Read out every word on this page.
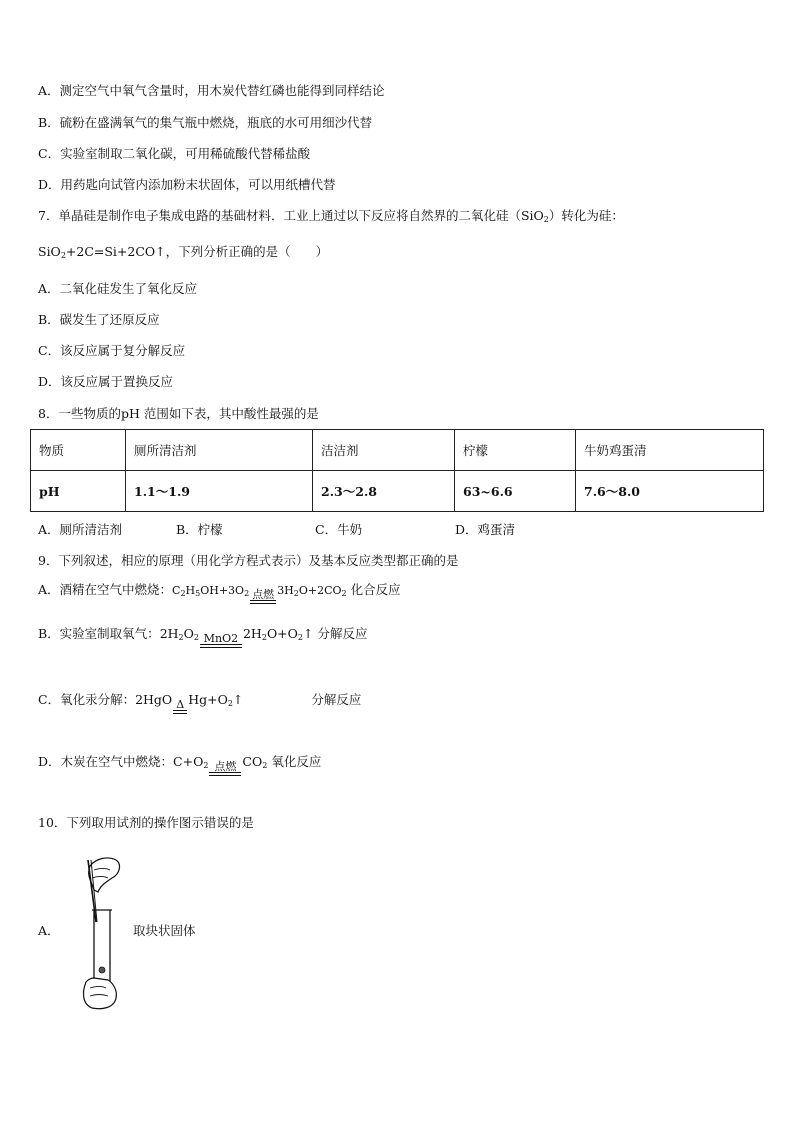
A．测定空气中氧气含量时，用木炭代替红磷也能得到同样结论
B．硫粉在盛满氧气的集气瓶中燃烧，瓶底的水可用细沙代替
C．实验室制取二氧化碳，可用稀硫酸代替稀盐酸
D．用药匙向试管内添加粉末状固体，可以用纸槽代替
7．单晶硅是制作电子集成电路的基础材料．工业上通过以下反应将自然界的二氧化硅（SiO$_2$）转化为硅：
SiO$_2$+2C=Si+2CO↑，下列分析正确的是（　　）
A．二氧化硅发生了氧化反应
B．碳发生了还原反应
C．该反应属于复分解反应
D．该反应属于置换反应
8．一些物质的pH 范围如下表，其中酸性最强的是
物质	厕所清洁剂	洁洁剂	柠檬	牛奶鸡蛋清
pH	1.1～1.9	2.3～2.8	63~6.6	7.6～8.0
A．厕所清洁剂	B．柠檬	C．牛奶	D．鸡蛋清
9．下列叙述，相应的原理（用化学方程式表示）及基本反应类型都正确的是
A．酒精在空气中燃烧：$C_2H_5OH+3O_2$ 点燃 $3H_2O+2CO_2$ 化合反应
B．实验室制取氧气：$2H_2O_2$ MnO2 $2H_2O+O_2↑$ 分解反应
C．氧化汞分解：2HgO Δ $Hg+O_2↑$	分解反应
D．木炭在空气中燃烧：$C+O_2$ 点燃 $CO_2$ 氧化反应
10．下列取用试剂的操作图示错误的是
A．	取块状固体
